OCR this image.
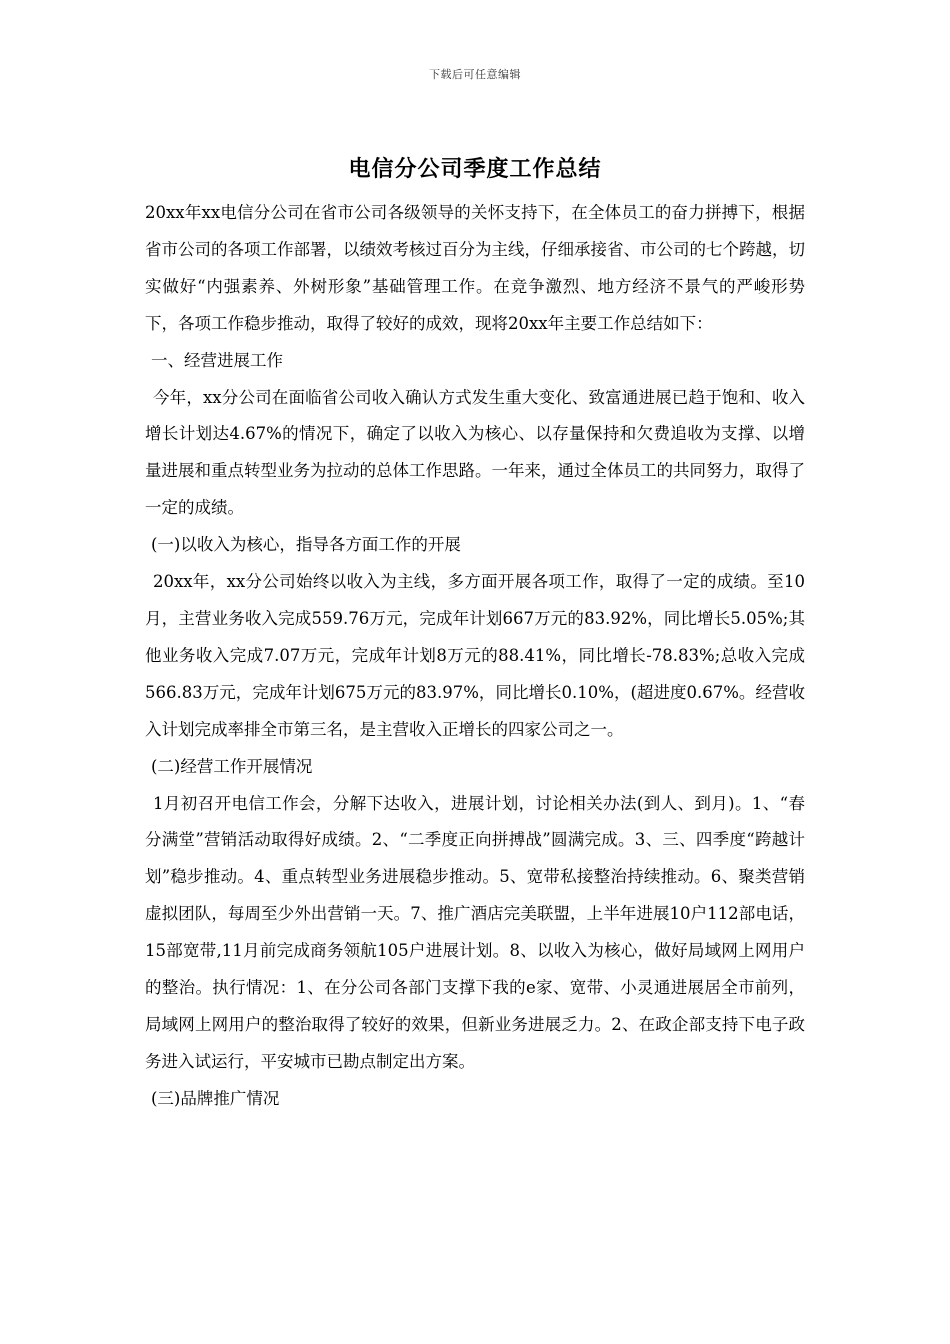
下载后可任意编辑
电信分公司季度工作总结

20xx年xx电信分公司在省市公司各级领导的关怀支持下，在全体员工的奋力拼搏下，根据省市公司的各项工作部署，以绩效考核过百分为主线，仔细承接省、市公司的七个跨越，切实做好“内强素养、外树形象”基础管理工作。在竞争激烈、地方经济不景气的严峻形势下，各项工作稳步推动，取得了较好的成效，现将20xx年主要工作总结如下：

一、经营进展工作

今年，xx分公司在面临省公司收入确认方式发生重大变化、致富通进展已趋于饱和、收入增长计划达4.67%的情况下，确定了以收入为核心、以存量保持和欠费追收为支撑、以增量进展和重点转型业务为拉动的总体工作思路。一年来，通过全体员工的共同努力，取得了一定的成绩。

(一)以收入为核心，指导各方面工作的开展

20xx年，xx分公司始终以收入为主线，多方面开展各项工作，取得了一定的成绩。至10月，主营业务收入完成559.76万元，完成年计划667万元的83.92%，同比增长5.05%;其他业务收入完成7.07万元，完成年计划8万元的88.41%，同比增长-78.83%;总收入完成566.83万元，完成年计划675万元的83.97%，同比增长0.10%，(超进度0.67%。经营收入计划完成率排全市第三名，是主营收入正增长的四家公司之一。

(二)经营工作开展情况

1月初召开电信工作会，分解下达收入，进展计划，讨论相关办法(到人、到月)。1、“春分满堂”营销活动取得好成绩。2、“二季度正向拼搏战”圆满完成。3、三、四季度“跨越计划”稳步推动。4、重点转型业务进展稳步推动。5、宽带私接整治持续推动。6、聚类营销虚拟团队，每周至少外出营销一天。7、推广酒店完美联盟，上半年进展10户112部电话，15部宽带,11月前完成商务领航105户进展计划。8、以收入为核心，做好局域网上网用户的整治。执行情况：1、在分公司各部门支撑下我的e家、宽带、小灵通进展居全市前列，局域网上网用户的整治取得了较好的效果，但新业务进展乏力。2、在政企部支持下电子政务进入试运行，平安城市已勘点制定出方案。

(三)品牌推广情况
